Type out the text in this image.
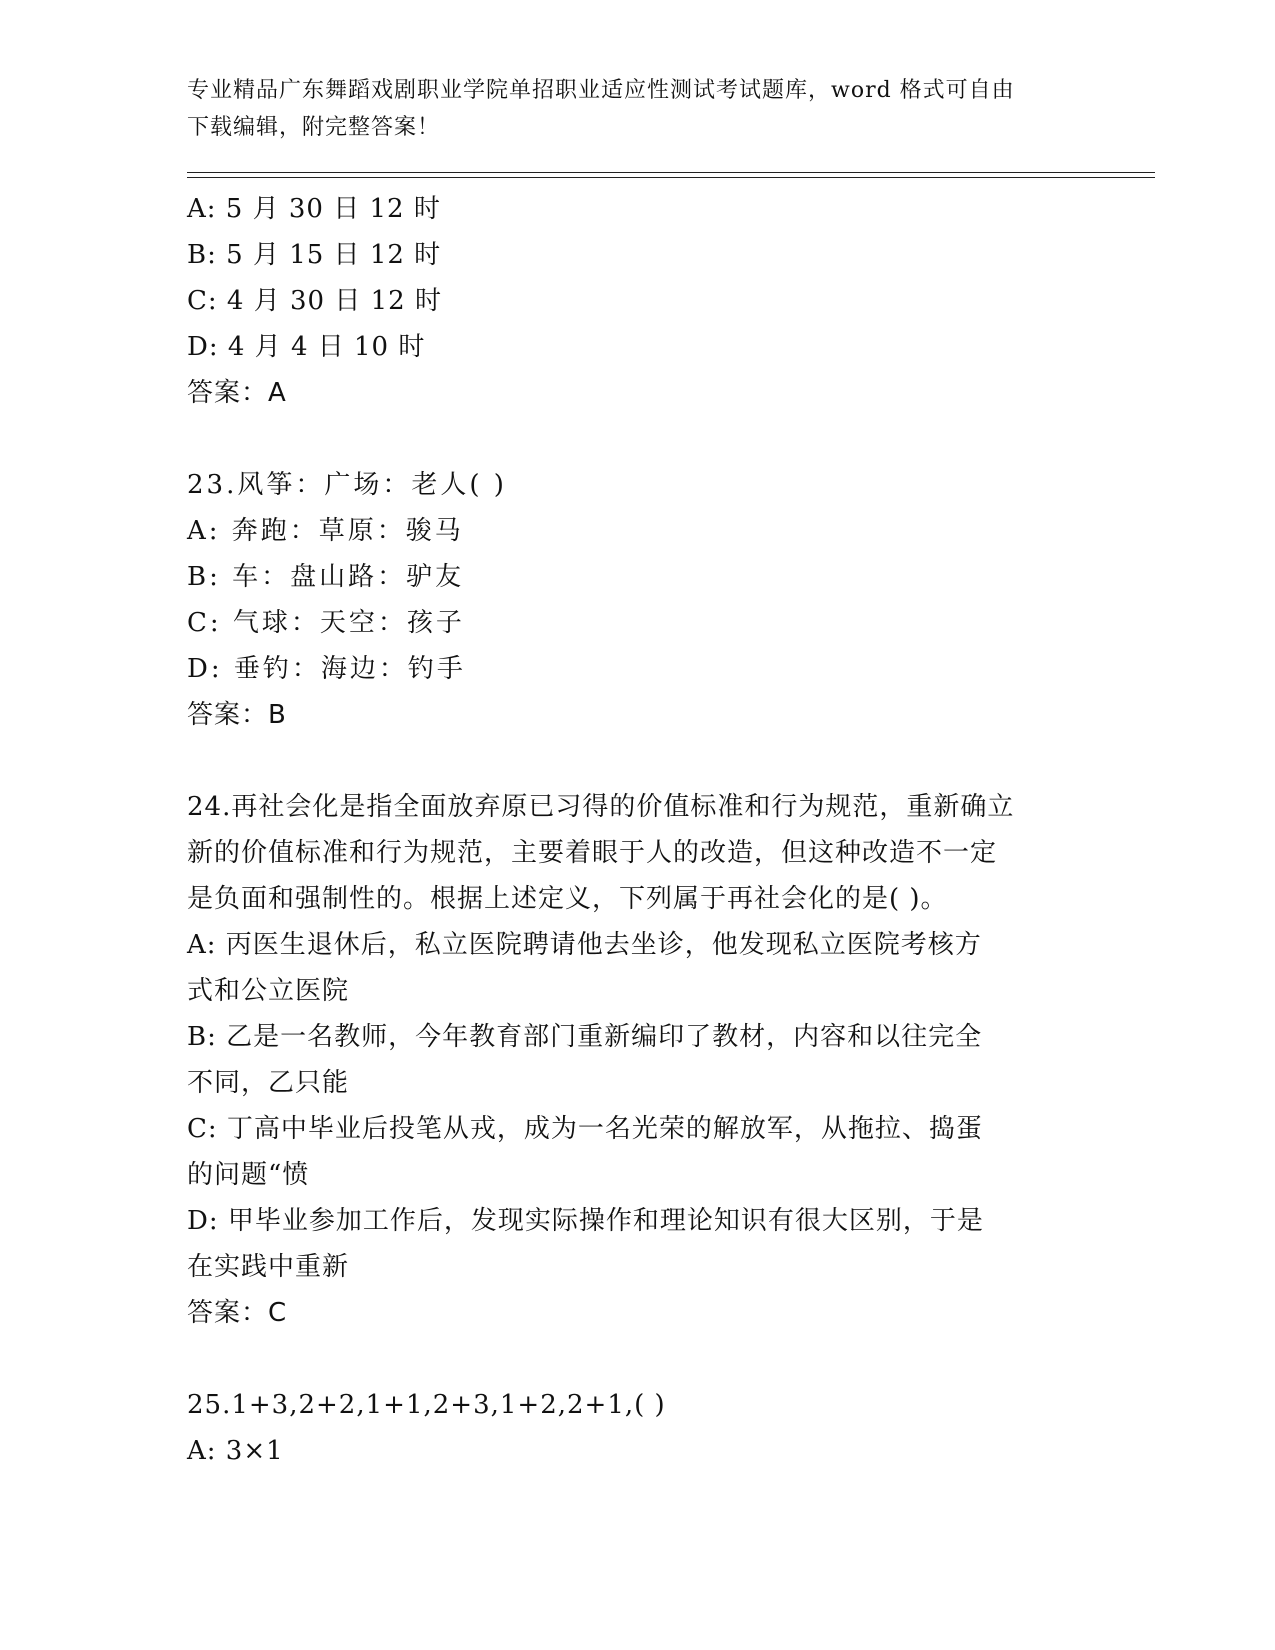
专业精品广东舞蹈戏剧职业学院单招职业适应性测试考试题库，word 格式可自由
下载编辑，附完整答案！
A: 5 月 30 日 12 时
B: 5 月 15 日 12 时
C: 4 月 30 日 12 时
D: 4 月 4 日 10 时
答案：A
23.风筝：广场：老人( )
A: 奔跑：草原：骏马
B: 车：盘山路：驴友
C: 气球：天空：孩子
D: 垂钓：海边：钓手
答案：B
24.再社会化是指全面放弃原已习得的价值标准和行为规范，重新确立
新的价值标准和行为规范，主要着眼于人的改造，但这种改造不一定
是负面和强制性的。根据上述定义，下列属于再社会化的是( )。
A: 丙医生退休后，私立医院聘请他去坐诊，他发现私立医院考核方
式和公立医院
B: 乙是一名教师，今年教育部门重新编印了教材，内容和以往完全
不同，乙只能
C: 丁高中毕业后投笔从戎，成为一名光荣的解放军，从拖拉、捣蛋
的问题“愤
D: 甲毕业参加工作后，发现实际操作和理论知识有很大区别，于是
在实践中重新
答案：C
25.1+3,2+2,1+1,2+3,1+2,2+1,( )
A: 3×1
